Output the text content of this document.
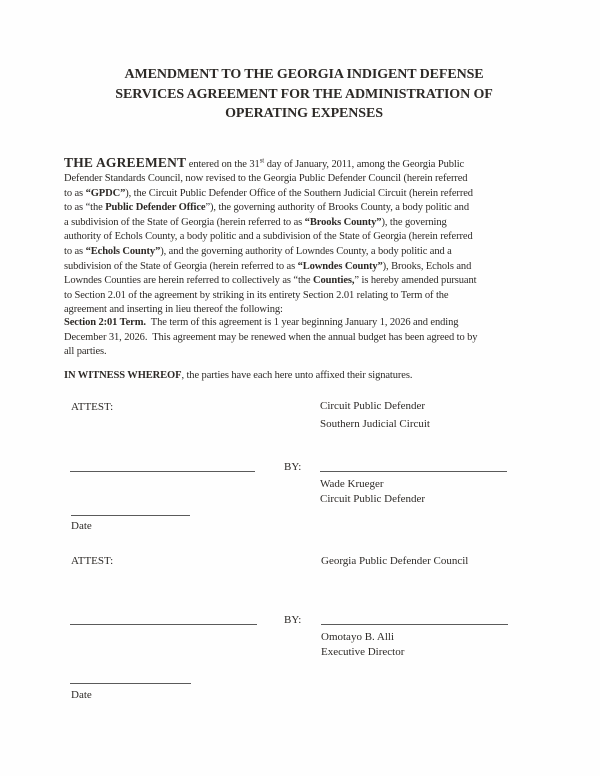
AMENDMENT TO THE GEORGIA INDIGENT DEFENSE
SERVICES AGREEMENT FOR THE ADMINISTRATION OF
OPERATING EXPENSES
THE AGREEMENT entered on the 31st day of January, 2011, among the Georgia Public
Defender Standards Council, now revised to the Georgia Public Defender Council (herein referred
to as “GPDC”), the Circuit Public Defender Office of the Southern Judicial Circuit (herein referred
to as “the Public Defender Office”), the governing authority of Brooks County, a body politic and
a subdivision of the State of Georgia (herein referred to as “Brooks County”), the governing
authority of Echols County, a body politic and a subdivision of the State of Georgia (herein referred
to as “Echols County”), and the governing authority of Lowndes County, a body politic and a
subdivision of the State of Georgia (herein referred to as “Lowndes County”), Brooks, Echols and
Lowndes Counties are herein referred to collectively as “the Counties,” is hereby amended pursuant
to Section 2.01 of the agreement by striking in its entirety Section 2.01 relating to Term of the
agreement and inserting in lieu thereof the following:
Section 2:01 Term.  The term of this agreement is 1 year beginning January 1, 2026 and ending
December 31, 2026.  This agreement may be renewed when the annual budget has been agreed to by
all parties.
IN WITNESS WHEREOF, the parties have each here unto affixed their signatures.
ATTEST:	Circuit Public Defender
Southern Judicial Circuit
BY:
Wade Krueger
Circuit Public Defender
Date
ATTEST:	Georgia Public Defender Council
BY:
Omotayo B. Alli
Executive Director
Date
